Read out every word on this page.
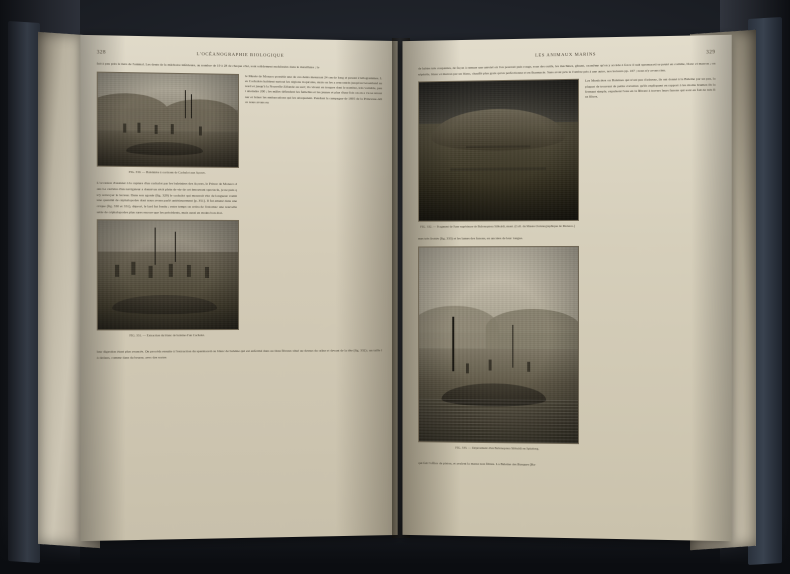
328	L'OCÉANOGRAPHIE BIOLOGIQUE

fait à peu près le tiers de l'animal. Les dents de la mâchoire inférieure, au nombre de 19 à 28 de chaque côté, sont solidement enchâssées dans le maxillaire ; le

FIG. 330. — Baleinière à corticem de Cachalot aux Açores.

L'occasion d'assister à la capture d'un cachalot par les baleiniers des Açores, le Prince de Monaco dans Le carrière d'un navigateur a donné un récit plein de vie de cet émouvant spectacle, je ne puis qu'y renvoyer le lecteur. Dans son agonie (fig. 329) le cachalot qui mourrait vite de longueur vomit une quantité de céphalopodes dont nous avons parlé antérieurement (p. 351). Il fut amené dans une crique (fig. 330 et 331), dépecé, le lard fut fondu ; entre temps on retira de l'estomac une nouvelle série de céphalopodes plus rares encore que les précédents, mais aussi en moins bon état.

FIG. 331. — Extraction du blanc de baleine d'un Cachalot.

le Musée de Monaco possède une de ces dents mesurant 24 cm de long et pesant 2 kilogrammes. Les Cachalots habitent surtout les régions tropicales, mais on les a rencontrés jusqu'au Groenland au nord et jusqu'à la Nouvelle-Zélande au sud ; ils vivent en troupes dont le nombre, très variable, peut atteindre 200 ; les mâles défendent les femelles et les jeunes et plus d'une fois on en a vu se retourner et briser les embarcations qui les attaquaient. Pendant la campagne de 1895 de la Princesse-Alice nous avons eu

leur digestion étant plus avancée. On procéda ensuite à l'extraction du spermaceti ou blanc de baleine qui est enfermé dans au tissu fibreux situé au-dessus du crâne et devant de la tête (fig. 332) ; un taille là-dedans, comme dans du beurre, avec des sortes

LES ANIMAUX MARINS	329

de lubies très coupantes, de façon à remuer une amviel où l'on pourrait puis rouge, sous des outils, les machines, gênent, on même qu'on y accède à force il suit spermaceti se peuté en comme, blanc et marron ; on sépérèle, blanc et marron par un blanc, chauffé plus grais qu'on perfectionne et en fharmacie. Sans avoir pris le l'ombre pris à une autre, nos lecteurs pp. 167 ; nous n'y avons rien.

FIG. 332. — Fragment de l'une supérieure de Balænoptera Sibbaldi, mont. (Coll. du Musée Océanographique de Monaco.)

mes très frottés (fig. 333) et les lames des fanons, en ancrées de leur longue.

FIG. 333. — Dépècement d'un Balænoptera Sibbaldi en Spitzberg.

Les Mysticètes ou Baleines qui n'ont pas d'adresse, ils ont donné à la Baleine par un pas, la plupart de trouvant de petite crevettes qu'ils expliquent en rapport à les moins brumes ils la fermant simple, expulsent l'eau en la filtrant à travers leurs fanons qui sont en fait de très fins filtres.

qui fait l'office de piston, et avalent la masse non filtrée. La Baleine des Basques (Ba-
